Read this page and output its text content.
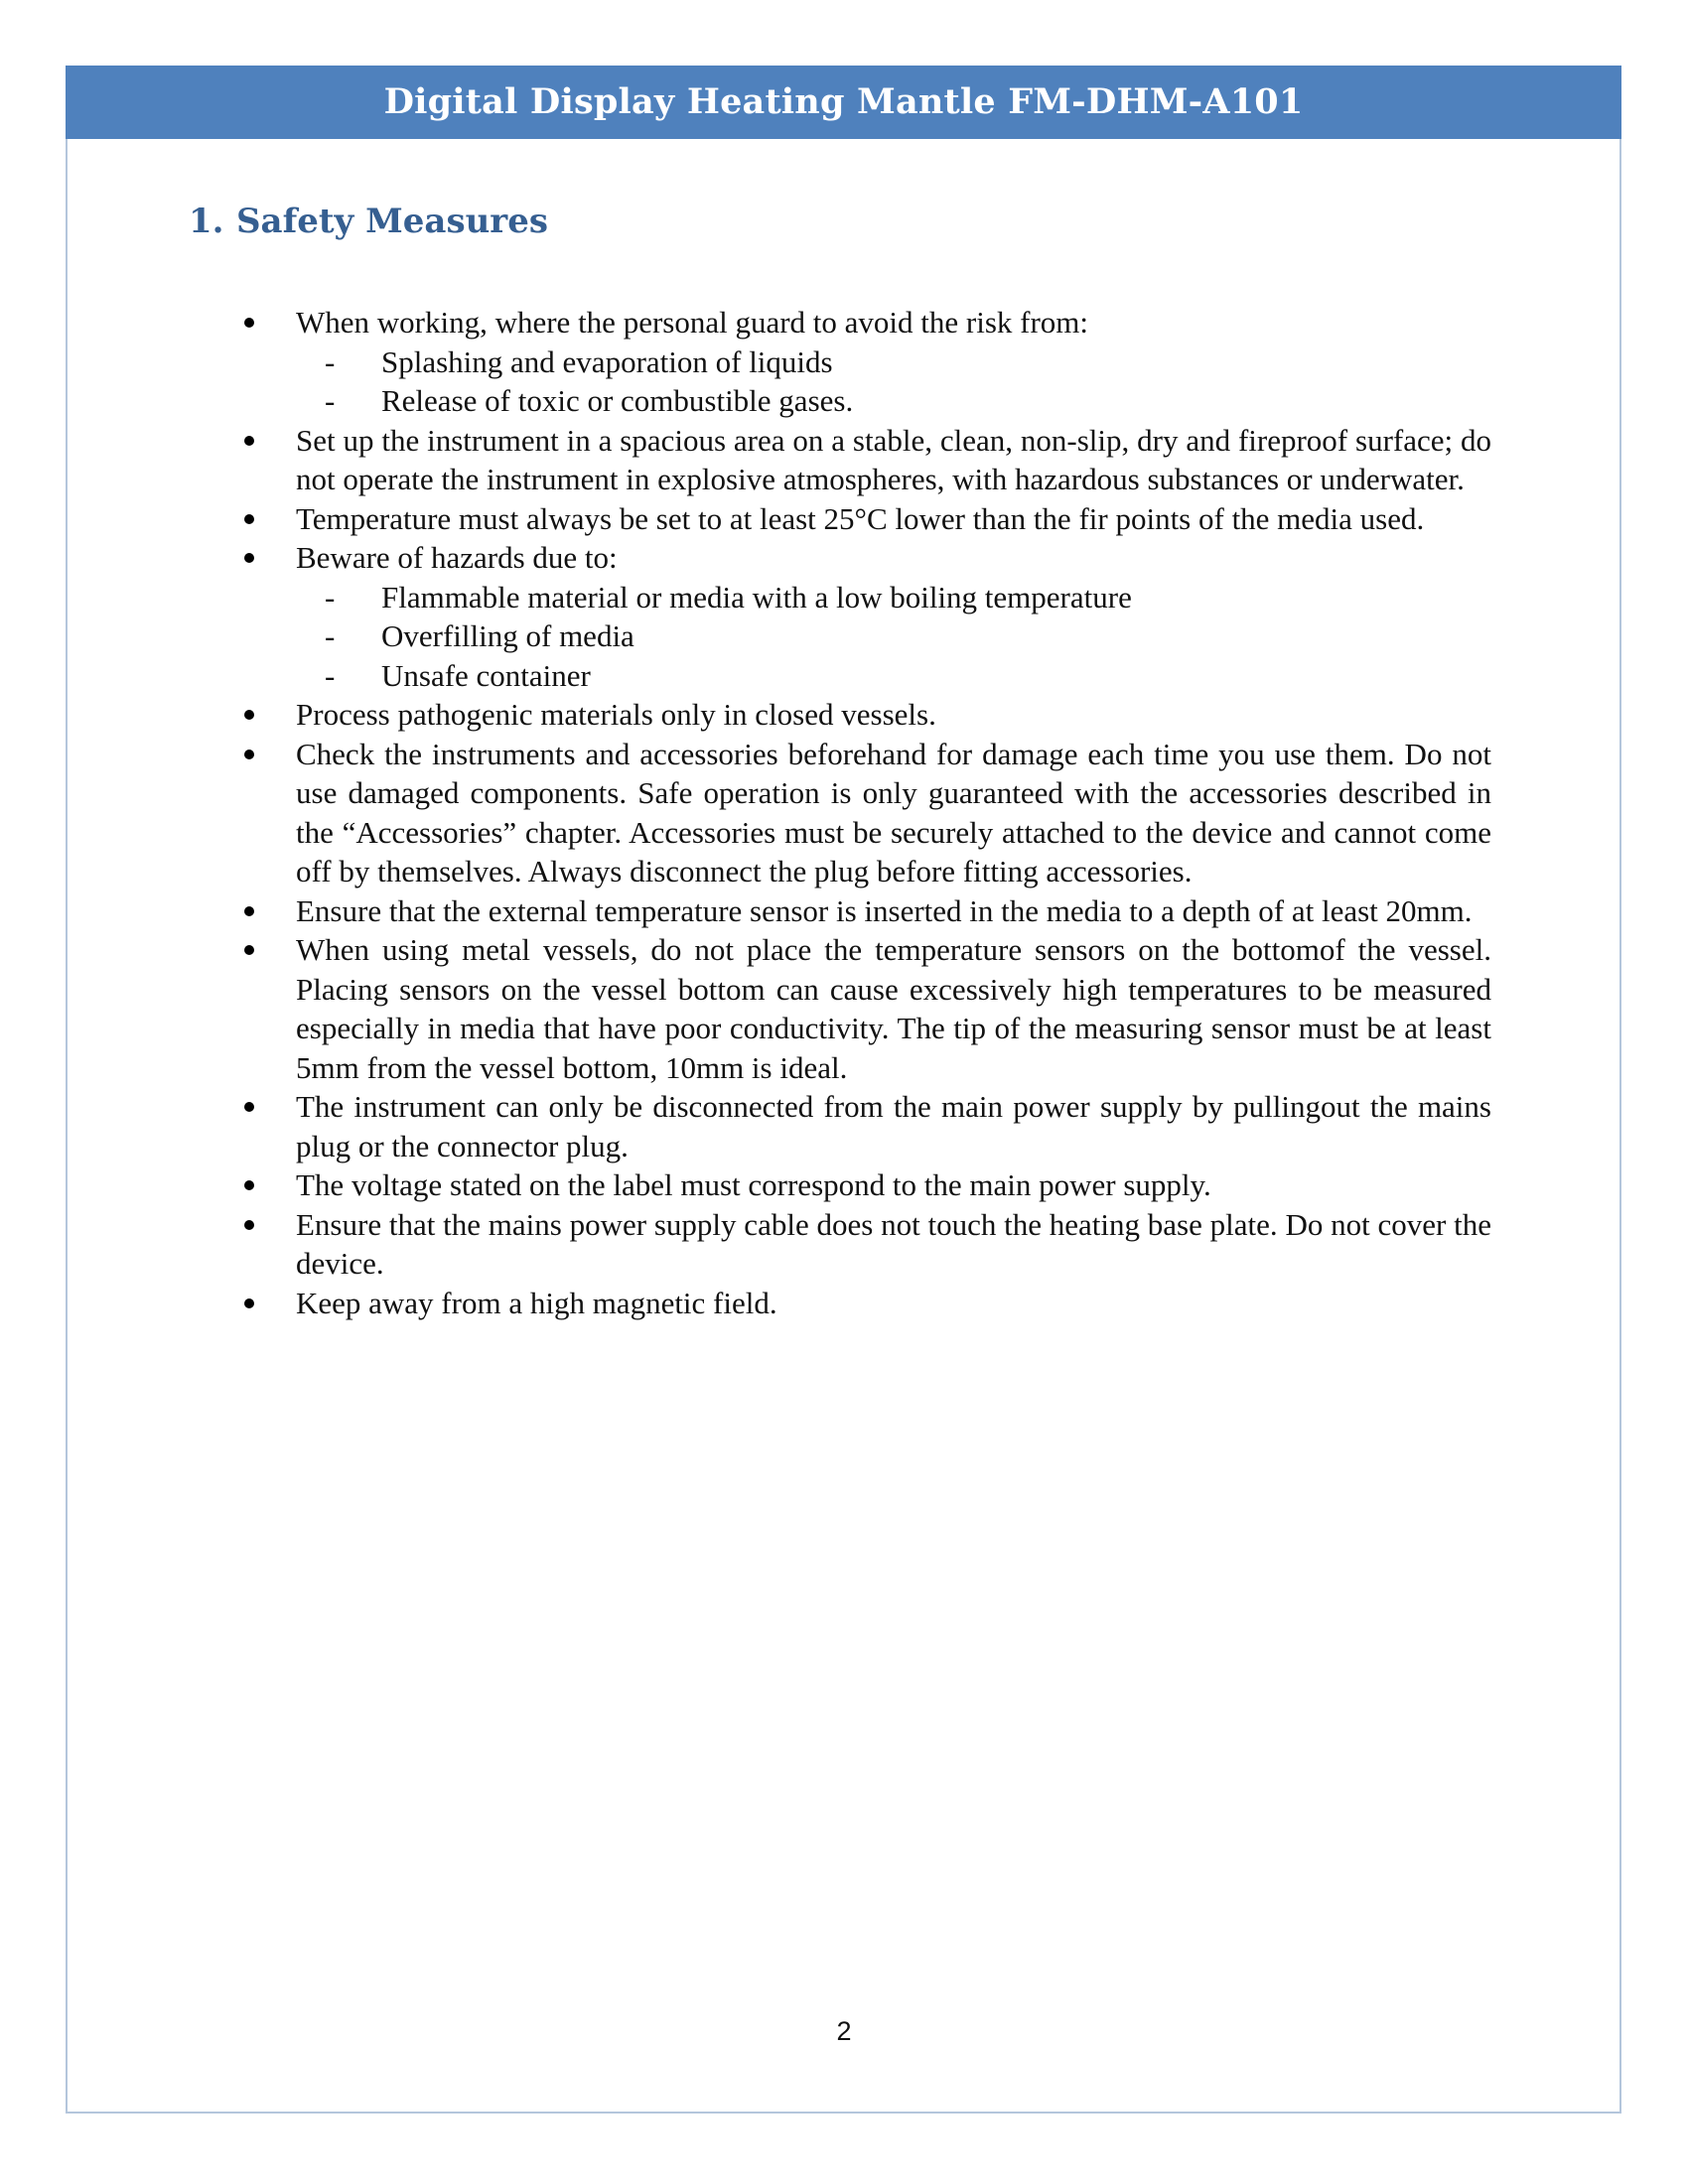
Digital Display Heating Mantle FM-DHM-A101
1. Safety Measures
When working, where the personal guard to avoid the risk from:
- Splashing and evaporation of liquids
- Release of toxic or combustible gases.
Set up the instrument in a spacious area on a stable, clean, non-slip, dry and fireproof surface; do not operate the instrument in explosive atmospheres, with hazardous substances or underwater.
Temperature must always be set to at least 25°C lower than the fir points of the media used.
Beware of hazards due to:
- Flammable material or media with a low boiling temperature
- Overfilling of media
- Unsafe container
Process pathogenic materials only in closed vessels.
Check the instruments and accessories beforehand for damage each time you use them. Do not use damaged components. Safe operation is only guaranteed with the accessories described in the “Accessories” chapter. Accessories must be securely attached to the device and cannot come off by themselves. Always disconnect the plug before fitting accessories.
Ensure that the external temperature sensor is inserted in the media to a depth of at least 20mm.
When using metal vessels, do not place the temperature sensors on the bottomof the vessel. Placing sensors on the vessel bottom can cause excessively high temperatures to be measured especially in media that have poor conductivity. The tip of the measuring sensor must be at least 5mm from the vessel bottom, 10mm is ideal.
The instrument can only be disconnected from the main power supply by pullingout the mains plug or the connector plug.
The voltage stated on the label must correspond to the main power supply.
Ensure that the mains power supply cable does not touch the heating base plate. Do not cover the device.
Keep away from a high magnetic field.
2
